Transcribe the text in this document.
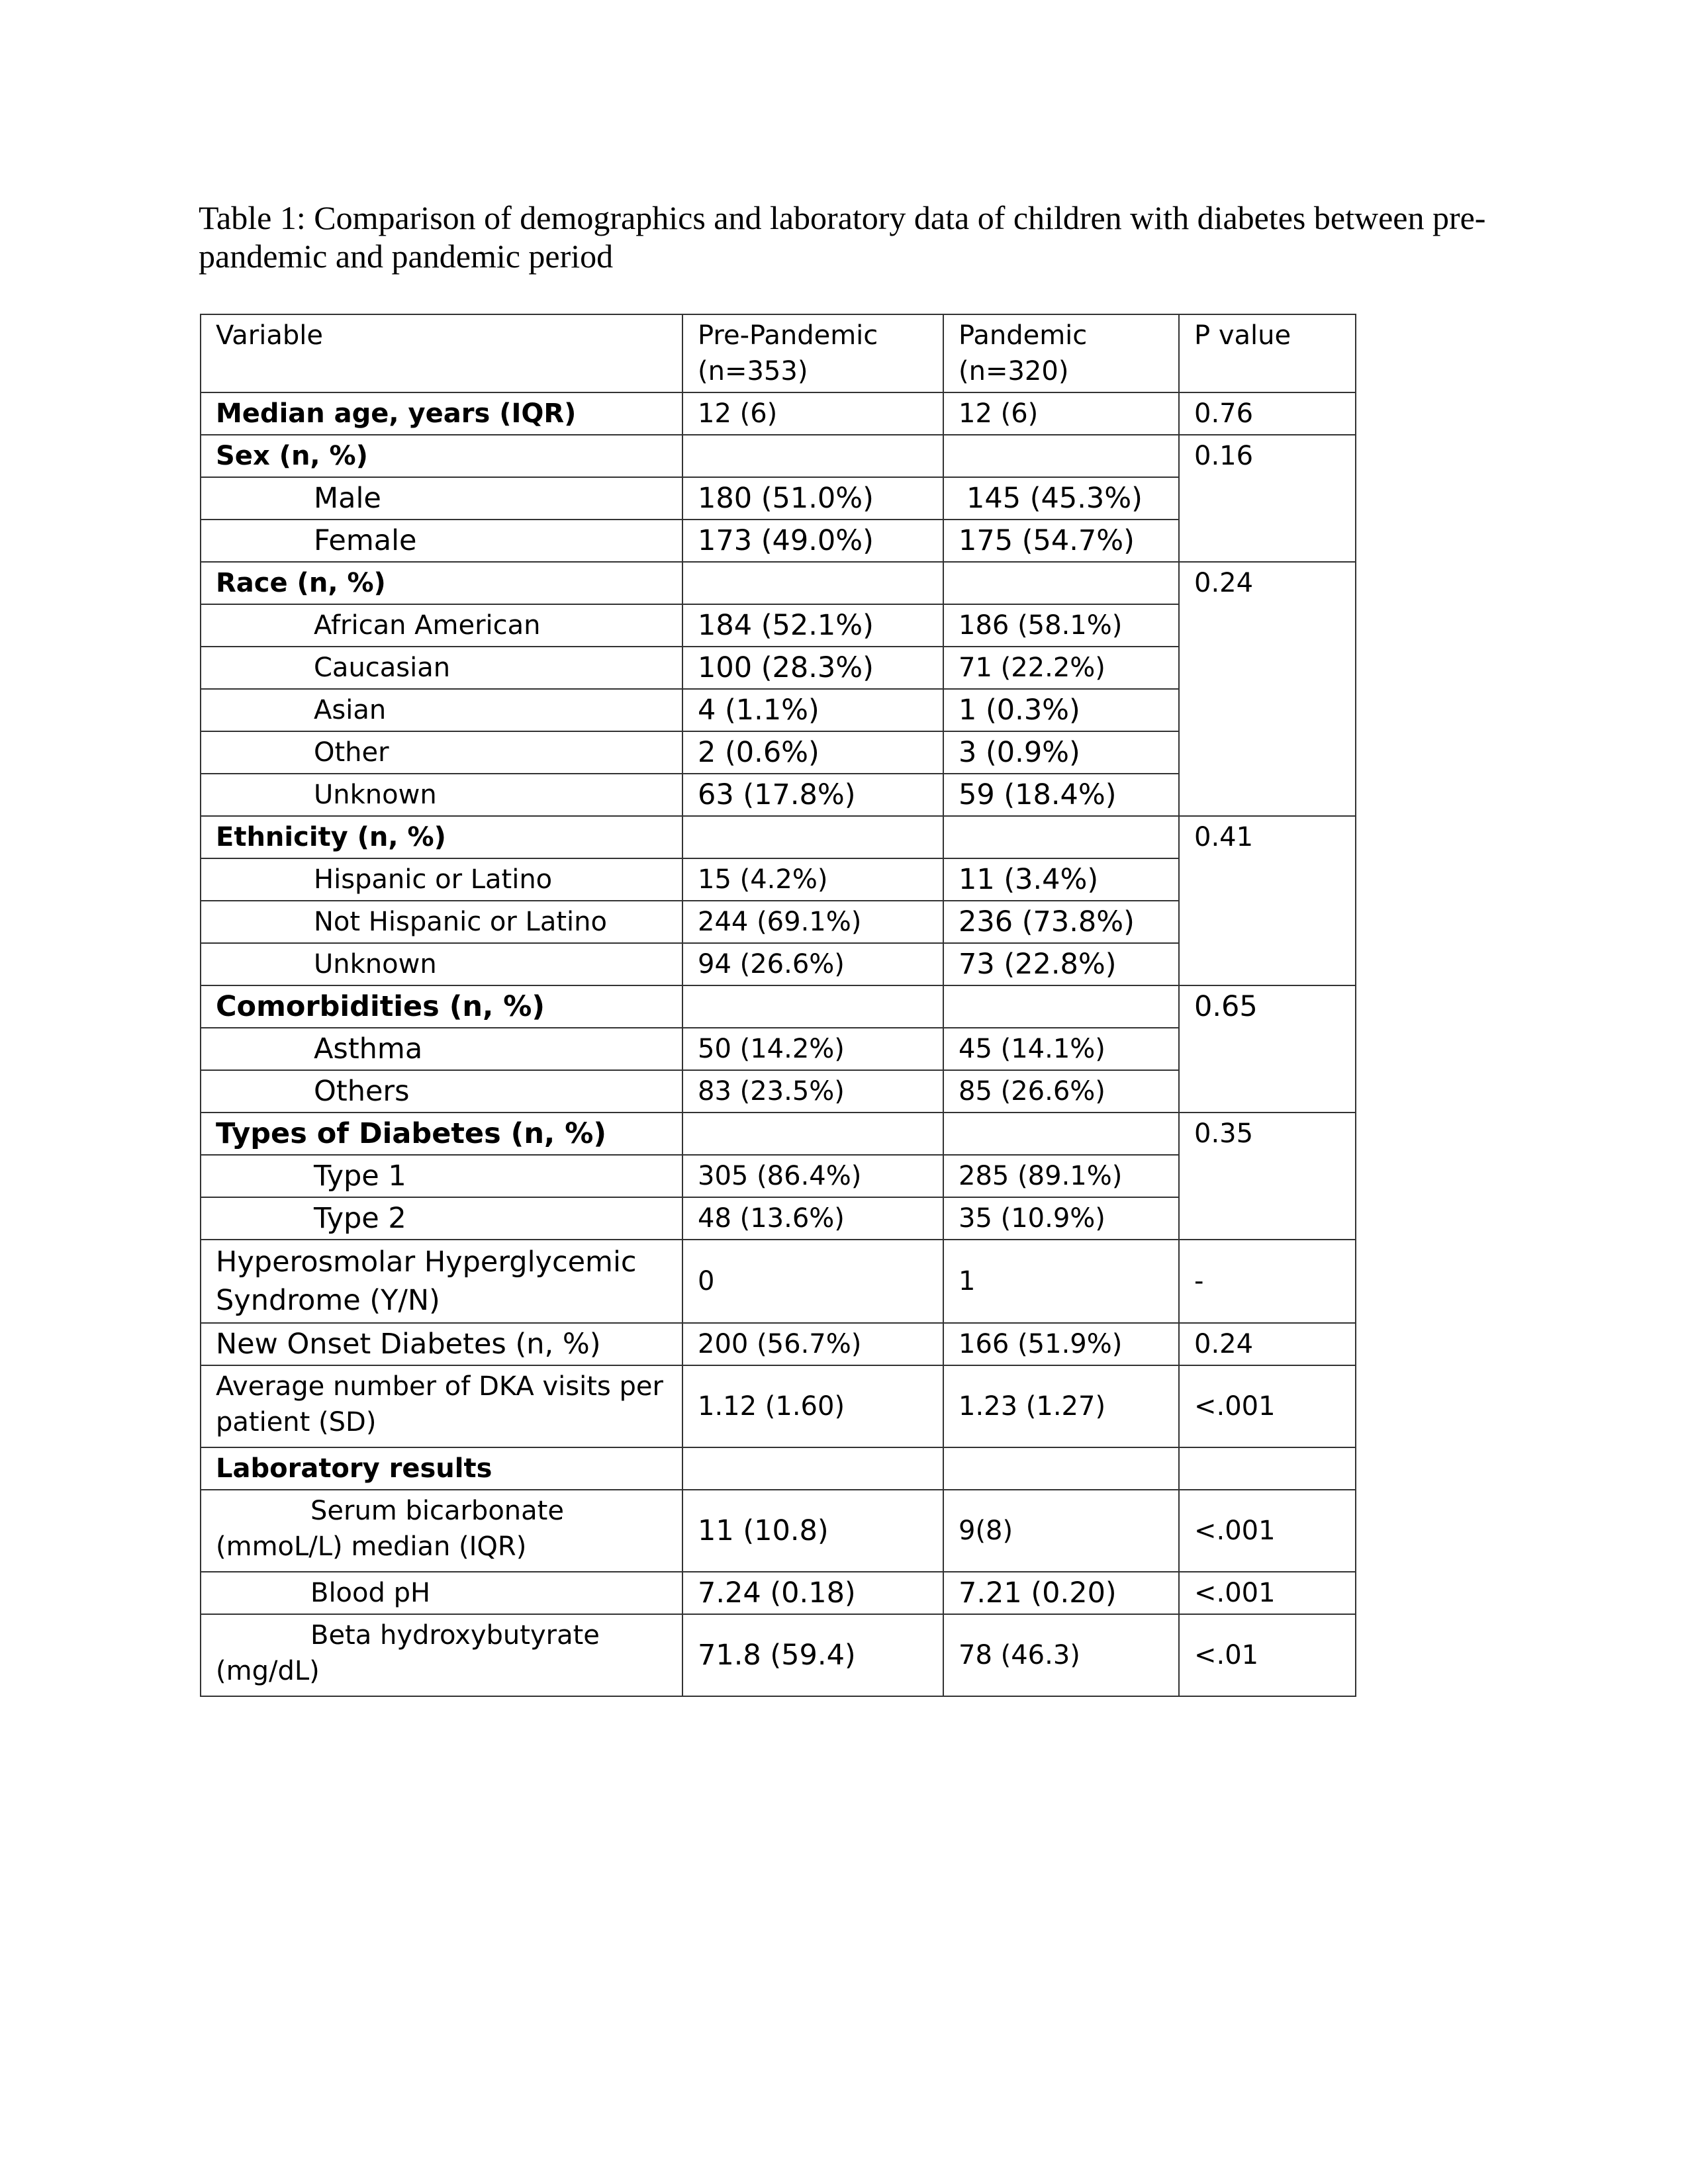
Table 1: Comparison of demographics and laboratory data of children with diabetes between pre-pandemic and pandemic period

Variable	Pre-Pandemic (n=353)	Pandemic (n=320)	P value
Median age, years (IQR)	12 (6)	12 (6)	0.76
Sex (n, %)			0.16
Male	180 (51.0%)	145 (45.3%)	
Female	173 (49.0%)	175 (54.7%)	
Race (n, %)			0.24
African American	184 (52.1%)	186 (58.1%)	
Caucasian	100 (28.3%)	71 (22.2%)	
Asian	4 (1.1%)	1 (0.3%)	
Other	2 (0.6%)	3 (0.9%)	
Unknown	63 (17.8%)	59 (18.4%)	
Ethnicity (n, %)			0.41
Hispanic or Latino	15 (4.2%)	11 (3.4%)	
Not Hispanic or Latino	244 (69.1%)	236 (73.8%)	
Unknown	94 (26.6%)	73 (22.8%)	
Comorbidities (n, %)			0.65
Asthma	50 (14.2%)	45 (14.1%)	
Others	83 (23.5%)	85 (26.6%)	
Types of Diabetes (n, %)			0.35
Type 1	305 (86.4%)	285 (89.1%)	
Type 2	48 (13.6%)	35 (10.9%)	
Hyperosmolar Hyperglycemic Syndrome (Y/N)	0	1	-
New Onset Diabetes (n, %)	200 (56.7%)	166 (51.9%)	0.24
Average number of DKA visits per patient (SD)	1.12 (1.60)	1.23 (1.27)	<.001
Laboratory results			

Serum bicarbonate
(mmoL/L) median (IQR)	11 (10.8)	9(8)	<.001
Blood pH	7.24 (0.18)	7.21 (0.20)	<.001

Beta hydroxybutyrate
(mg/dL)	71.8 (59.4)	78 (46.3)	<.01
